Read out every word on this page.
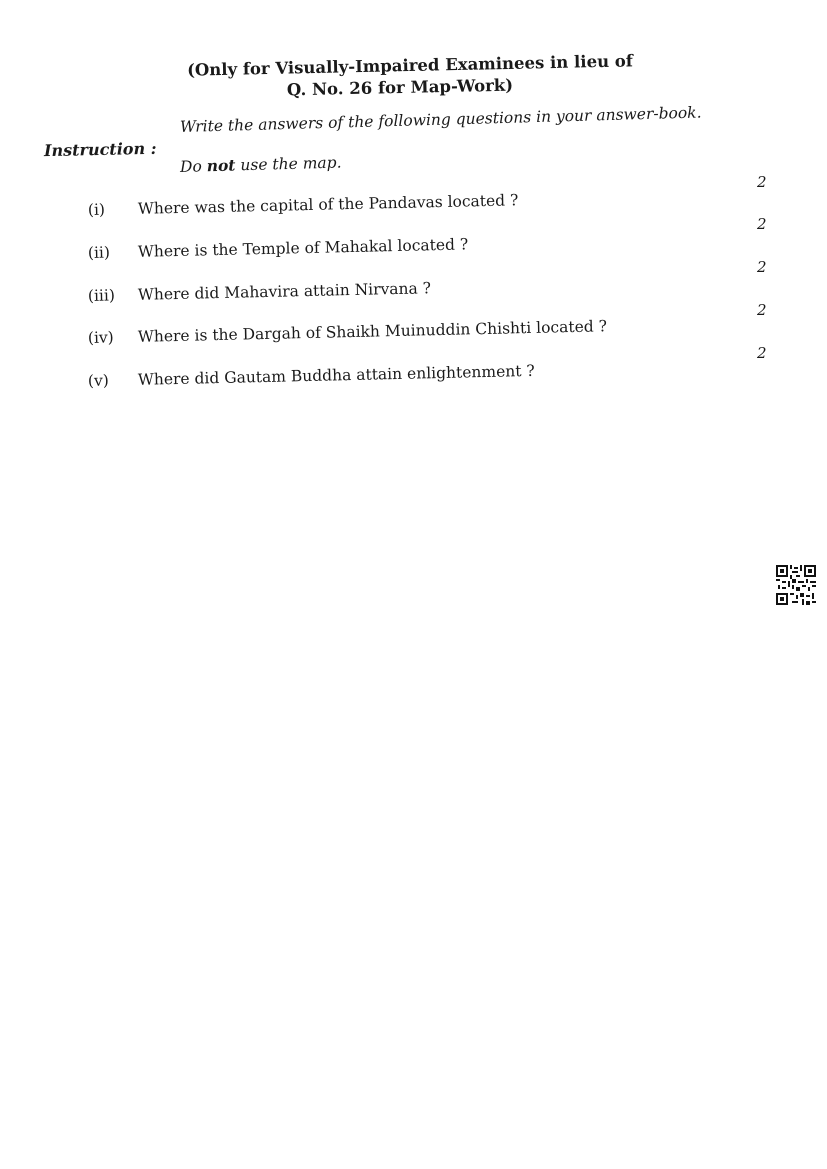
(Only for Visually-Impaired Examinees in lieu of
Q. No. 26 for Map-Work)
Instruction :
Write the answers of the following questions in your answer-book.
Do not use the map.
(i)	Where was the capital of the Pandavas located ?
2
(ii)	Where is the Temple of Mahakal located ?
2
(iii)	Where did Mahavira attain Nirvana ?
2
(iv)	Where is the Dargah of Shaikh Muinuddin Chishti located ?
2
(v)	Where did Gautam Buddha attain enlightenment ?
2
